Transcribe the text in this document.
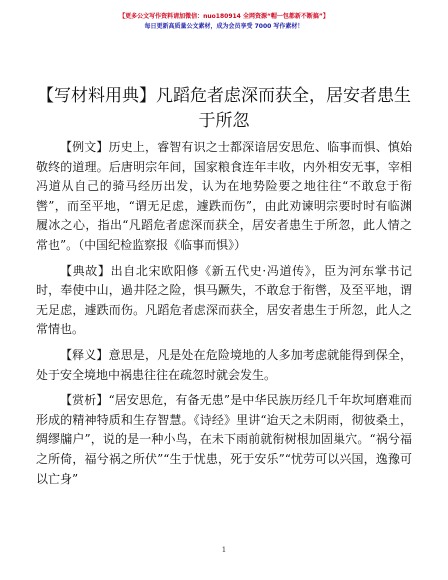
【更多公文写作资料请加微信：nuo180914 全网资源“帽一包都新不断搞”】
每日更新高质量公文素材，成为会员享受 7000 写作素材！
【写材料用典】凡蹈危者虑深而获全，居安者患生于所忽

【例文】历史上，睿智有识之士都深谙居安思危、临事而惧、慎始敬终的道理。后唐明宗年间，国家粮食连年丰收，内外相安无事，宰相冯道从自己的骑马经历出发，认为在地势险要之地往往“不敢怠于衔辔”，而至平地，“谓无足虑，遽跌而伤”，由此劝谏明宗要时时有临渊履冰之心，指出“凡蹈危者虑深而获全，居安者患生于所忽，此人情之常也”。（中国纪检监察报《临事而惧》）

【典故】出自北宋欧阳修《新五代史·冯道传》，臣为河东掌书记时，奉使中山，過井陉之险，惧马蹶失，不敢怠于衔辔，及至平地，谓无足虑，遽跌而伤。凡蹈危者虑深而获全，居安者患生于所忽，此人之常情也。

【释义】意思是，凡是处在危险境地的人多加考虑就能得到保全，处于安全境地中祸患往往在疏忽时就会发生。

【赏析】“居安思危，有备无患”是中华民族历经几千年坎坷磨难而形成的精神特质和生存智慧。《诗经》里讲“迨天之未阴雨，彻彼桑土，绸缪牖户”，说的是一种小鸟，在未下雨前就衔树根加固巢穴。“祸兮福之所倚，福兮祸之所伏”“生于忧患，死于安乐”“忧劳可以兴国，逸豫可以亡身”

1
